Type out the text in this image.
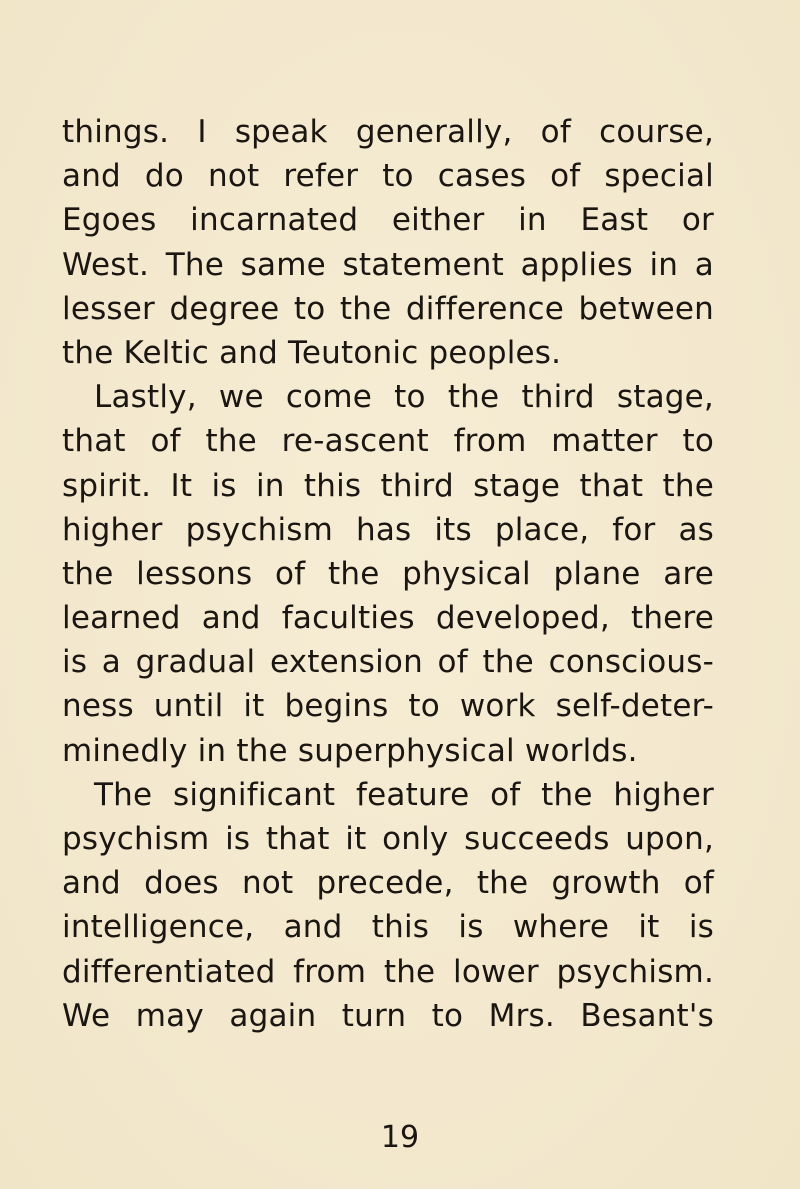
things. I speak generally, of course,
and do not refer to cases of special
Egoes incarnated either in East or
West. The same statement applies in a
lesser degree to the difference between
the Keltic and Teutonic peoples.
Lastly, we come to the third stage,
that of the re-ascent from matter to
spirit. It is in this third stage that the
higher psychism has its place, for as
the lessons of the physical plane are
learned and faculties developed, there
is a gradual extension of the conscious-
ness until it begins to work self-deter-
minedly in the superphysical worlds.
The significant feature of the higher
psychism is that it only succeeds upon,
and does not precede, the growth of
intelligence, and this is where it is
differentiated from the lower psychism.
We may again turn to Mrs. Besant's
19
